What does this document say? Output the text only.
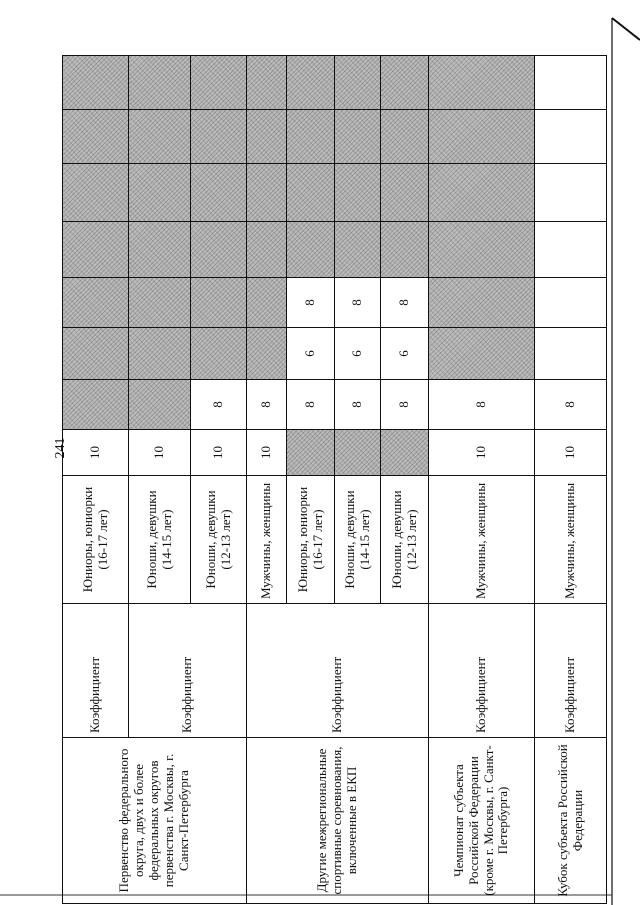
241
Первенство федерального округа, двух и более федеральных округов первенства г. Москвы, г. Санкт-Петербурга	Коэффициент	Юниоры, юниорки (16-17 лет)	10							
	Коэффициент	Юноши, девушки (14-15 лет)	10							
		Юноши, девушки (12-13 лет)	10	8						
Другие межрегиональные спортивные соревнования, включенные в ЕКП	Коэффициент	Мужчины, женщины	10	8						
		Юниоры, юниорки (16-17 лет)		8	6	8				
		Юноши, девушки (14-15 лет)		8	6	8				
		Юноши, девушки (12-13 лет)		8	6	8				
Чемпионат субъекта Российской Федерации (кроме г. Москвы, г. Санкт-Петербурга)	Коэффициент	Мужчины, женщины	10	8						
Кубок субъекта Российской Федерации	Коэффициент	Мужчины, женщины	10	8						
